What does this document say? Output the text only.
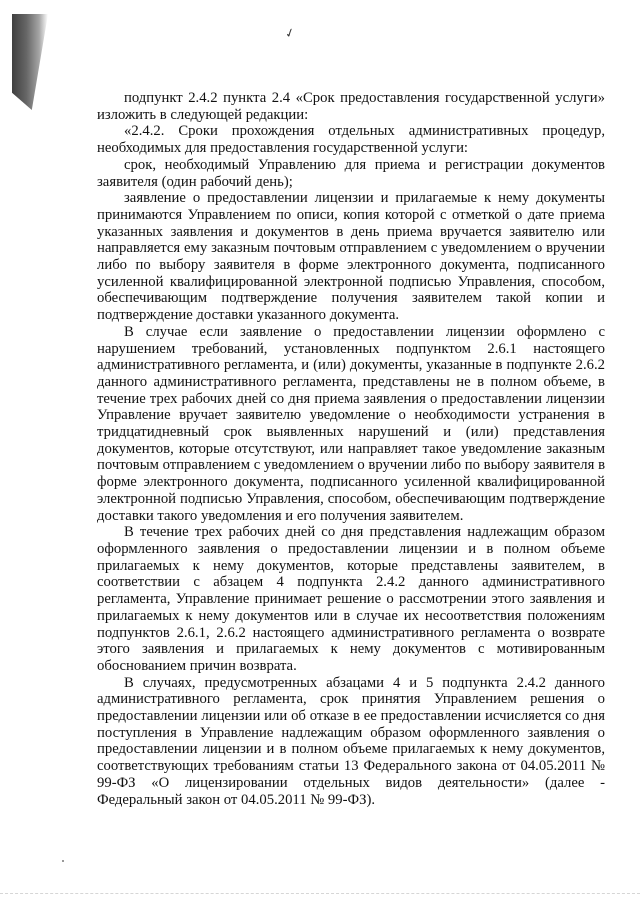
✓

подпункт 2.4.2 пункта 2.4 «Срок предоставления государственной услуги» изложить в следующей редакции:

«2.4.2. Сроки прохождения отдельных административных процедур, необходимых для предоставления государственной услуги:

срок, необходимый Управлению для приема и регистрации документов заявителя (один рабочий день);

заявление о предоставлении лицензии и прилагаемые к нему документы принимаются Управлением по описи, копия которой с отметкой о дате приема указанных заявления и документов в день приема вручается заявителю или направляется ему заказным почтовым отправлением с уведомлением о вручении либо по выбору заявителя в форме электронного документа, подписанного усиленной квалифицированной электронной подписью Управления, способом, обеспечивающим подтверждение получения заявителем такой копии и подтверждение доставки указанного документа.

В случае если заявление о предоставлении лицензии оформлено с нарушением требований, установленных подпунктом 2.6.1 настоящего административного регламента, и (или) документы, указанные в подпункте 2.6.2 данного административного регламента, представлены не в полном объеме, в течение трех рабочих дней со дня приема заявления о предоставлении лицензии Управление вручает заявителю уведомление о необходимости устранения в тридцатидневный срок выявленных нарушений и (или) представления документов, которые отсутствуют, или направляет такое уведомление заказным почтовым отправлением с уведомлением о вручении либо по выбору заявителя в форме электронного документа, подписанного усиленной квалифицированной электронной подписью Управления, способом, обеспечивающим подтверждение доставки такого уведомления и его получения заявителем.

В течение трех рабочих дней со дня представления надлежащим образом оформленного заявления о предоставлении лицензии и в полном объеме прилагаемых к нему документов, которые представлены заявителем, в соответствии с абзацем 4 подпункта 2.4.2 данного административного регламента, Управление принимает решение о рассмотрении этого заявления и прилагаемых к нему документов или в случае их несоответствия положениям подпунктов 2.6.1, 2.6.2 настоящего административного регламента о возврате этого заявления и прилагаемых к нему документов с мотивированным обоснованием причин возврата.

В случаях, предусмотренных абзацами 4 и 5 подпункта 2.4.2 данного административного регламента, срок принятия Управлением решения о предоставлении лицензии или об отказе в ее предоставлении исчисляется со дня поступления в Управление надлежащим образом оформленного заявления о предоставлении лицензии и в полном объеме прилагаемых к нему документов, соответствующих требованиям статьи 13 Федерального закона от 04.05.2011 № 99-ФЗ «О лицензировании отдельных видов деятельности» (далее - Федеральный закон от 04.05.2011 № 99-ФЗ).
